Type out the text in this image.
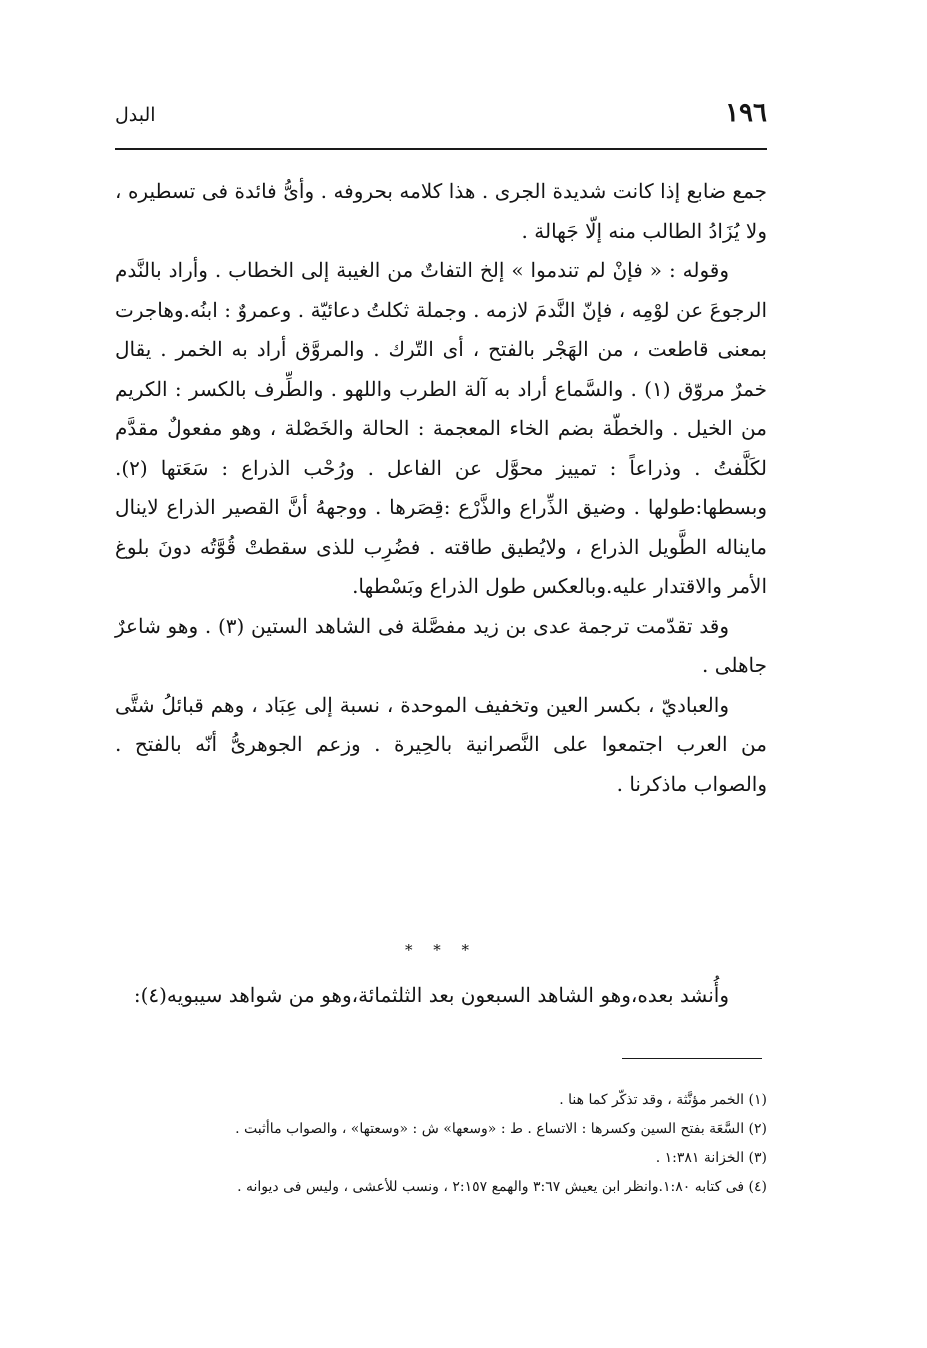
١٩٦
البدل

جمع ضابع إذا كانت شديدة الجرى . هذا كلامه بحروفه . وأىُّ فائدة فى تسطيره ، ولا يُزَادُ الطالب منه إلّا جَهالة .

وقوله : « فإنْ لم تندموا » إلخ التفاتٌ من الغيبة إلى الخطاب . وأراد بالنَّدم الرجوعَ عن لوْمِه ، فإنّ النَّدمَ لازمه . وجملة ثكلتُ دعائيّة . وعمروٌ : ابنُه.وهاجرت بمعنى قاطعت ، من الهَجْر بالفتح ، أى التّرك . والمروَّق أراد به الخمر . يقال خمرٌ مروّق (١) . والسَّماع أراد به آلة الطرب واللهو . والطِّرف بالكسر : الكريم من الخيل . والخطّة بضم الخاء المعجمة : الحالة والخَصْلة ، وهو مفعولٌ مقدَّم لكَلَّفتُ . وذراعاً : تمييز محوَّل عن الفاعل . ورُحْب الذراع : سَعَتها (٢). وبسطها:طولها . وضيق الذِّراع والذَّرْع :قِصَرها . ووجههُ أنَّ القصير الذراع لاينال مايناله الطَّويل الذراع ، ولايُطيق طاقته . فضُرِب للذى سقطتْ قُوَّتُه دونَ بلوغ الأمر والاقتدار عليه.وبالعكس طول الذراع وبَسْطها.

وقد تقدّمت ترجمة عدى بن زيد مفصَّلة فى الشاهد الستين (٣) . وهو شاعرٌ جاهلى .

والعباديّ ، بكسر العين وتخفيف الموحدة ، نسبة إلى عِبَاد ، وهم قبائلُ شتَّى من العرب اجتمعوا على النَّصرانية بالحِيرة . وزعم الجوهرىُّ أنّه بالفتح . والصواب ماذكرنا .

* * *
وأُنشد بعده،وهو الشاهد السبعون بعد الثلثمائة،وهو من شواهد سيبويه(٤):

(١) الخمر مؤنَّثة ، وقد تذكّر كما هنا .

(٢) السَّعَة بفتح السين وكسرها : الاتساع . ط : «وسعها» ش : «وسعتها» ، والصواب ماأثبت .

(٣) الخزانة ١:٣٨١ .

(٤) فى كتابه ١:٨٠.وانظر ابن يعيش ٣:٦٧ والهمع ٢:١٥٧ ، ونسب للأعشى ، وليس فى ديوانه .
